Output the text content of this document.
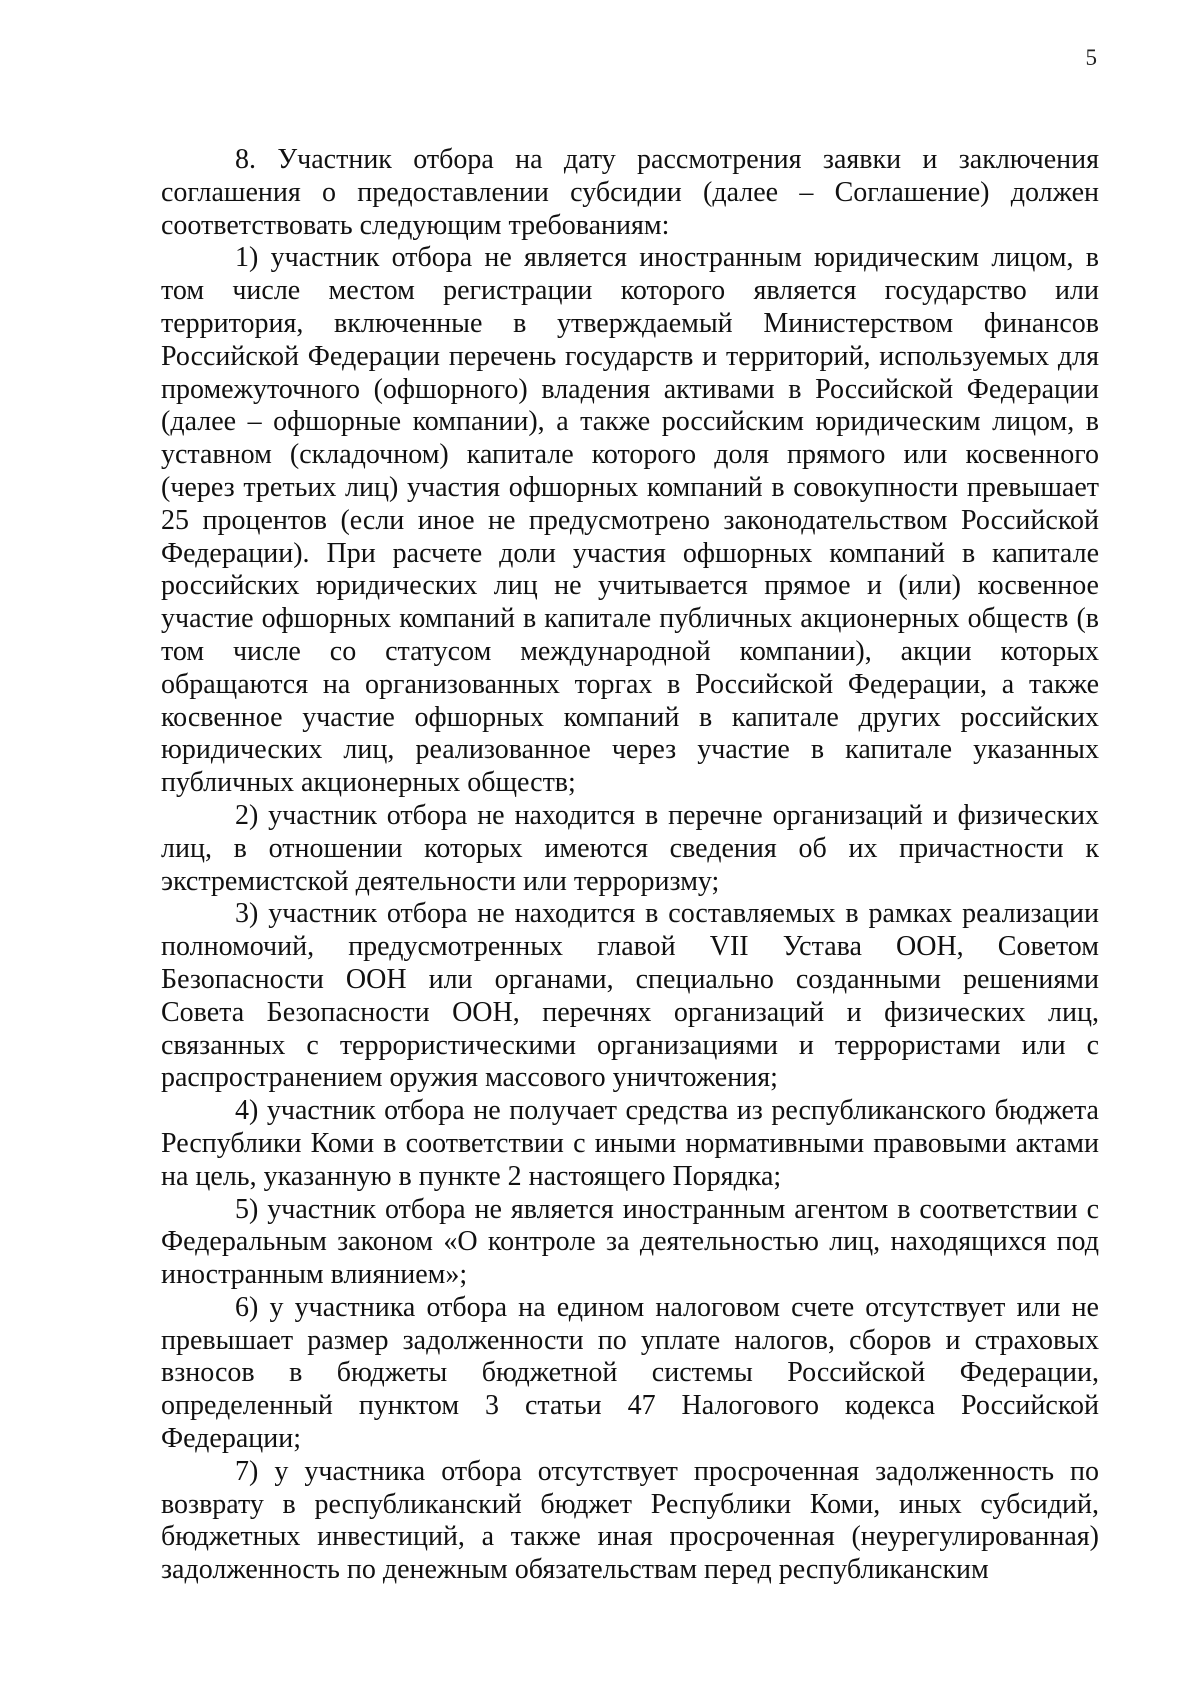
5

8. Участник отбора на дату рассмотрения заявки и заключения соглашения о предоставлении субсидии (далее – Соглашение) должен соответствовать следующим требованиям:

1) участник отбора не является иностранным юридическим лицом, в том числе местом регистрации которого является государство или территория, включенные в утверждаемый Министерством финансов Российской Федерации перечень государств и территорий, используемых для промежуточного (офшорного) владения активами в Российской Федерации (далее – офшорные компании), а также российским юридическим лицом, в уставном (складочном) капитале которого доля прямого или косвенного (через третьих лиц) участия офшорных компаний в совокупности превышает 25 процентов (если иное не предусмотрено законодательством Российской Федерации). При расчете доли участия офшорных компаний в капитале российских юридических лиц не учитывается прямое и (или) косвенное участие офшорных компаний в капитале публичных акционерных обществ (в том числе со статусом международной компании), акции которых обращаются на организованных торгах в Российской Федерации, а также косвенное участие офшорных компаний в капитале других российских юридических лиц, реализованное через участие в капитале указанных публичных акционерных обществ;

2) участник отбора не находится в перечне организаций и физических лиц, в отношении которых имеются сведения об их причастности к экстремистской деятельности или терроризму;

3) участник отбора не находится в составляемых в рамках реализации полномочий, предусмотренных главой VII Устава ООН, Советом Безопасности ООН или органами, специально созданными решениями Совета Безопасности ООН, перечнях организаций и физических лиц, связанных с террористическими организациями и террористами или с распространением оружия массового уничтожения;

4) участник отбора не получает средства из республиканского бюджета Республики Коми в соответствии с иными нормативными правовыми актами на цель, указанную в пункте 2 настоящего Порядка;

5) участник отбора не является иностранным агентом в соответствии с Федеральным законом «О контроле за деятельностью лиц, находящихся под иностранным влиянием»;

6) у участника отбора на едином налоговом счете отсутствует или не превышает размер задолженности по уплате налогов, сборов и страховых взносов в бюджеты бюджетной системы Российской Федерации, определенный пунктом 3 статьи 47 Налогового кодекса Российской Федерации;

7) у участника отбора отсутствует просроченная задолженность по возврату в республиканский бюджет Республики Коми, иных субсидий, бюджетных инвестиций, а также иная просроченная (неурегулированная) задолженность по денежным обязательствам перед республиканским
